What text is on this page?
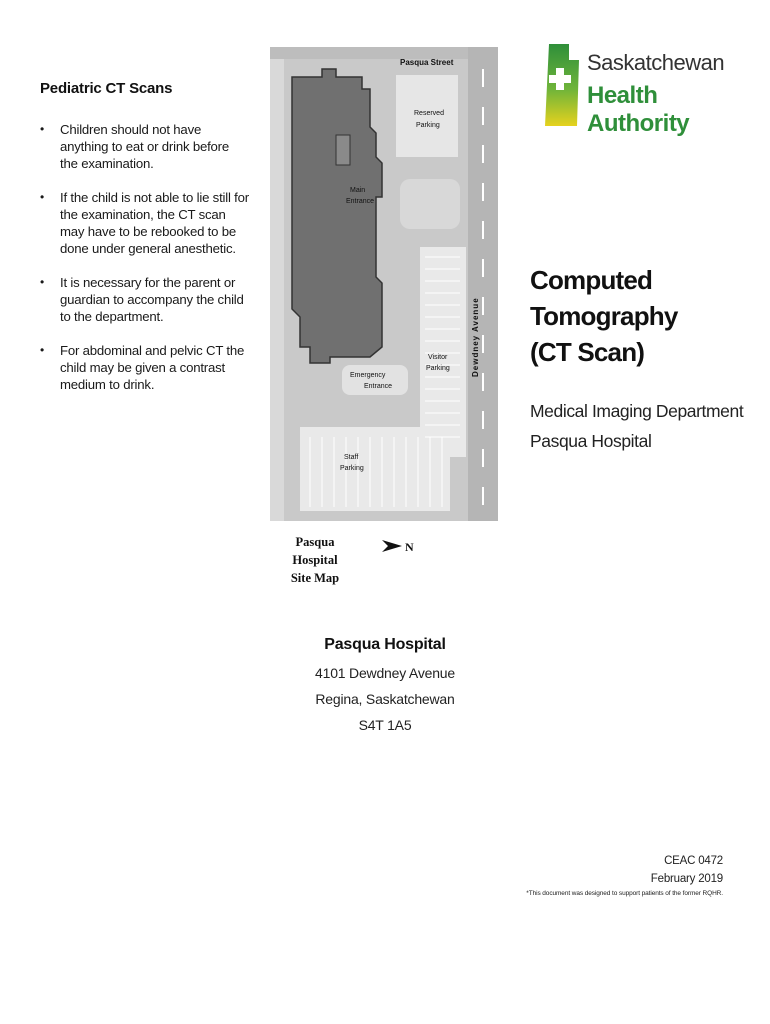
Pediatric CT Scans
• Children should not have anything to eat or drink before the examination.
• If the child is not able to lie still for the examination, the CT scan may have to be rebooked to be done under general anesthetic.
• It is necessary for the parent or guardian to accompany the child to the department.
• For abdominal and pelvic CT the child may be given a contrast medium to drink.
Pasqua Street
Reserved
Parking
Main
Entrance
Dewdney Avenue
Visitor
Parking
Emergency
Entrance
Staff
Parking
Pasqua Hospital
Site Map
N
Saskatchewan
Health Authority
Computed Tomography
(CT Scan)
Medical Imaging Department
Pasqua Hospital
Pasqua Hospital
4101 Dewdney Avenue
Regina, Saskatchewan
S4T 1A5
CEAC 0472
February 2019
*This document was designed to support patients of the former RQHR.
